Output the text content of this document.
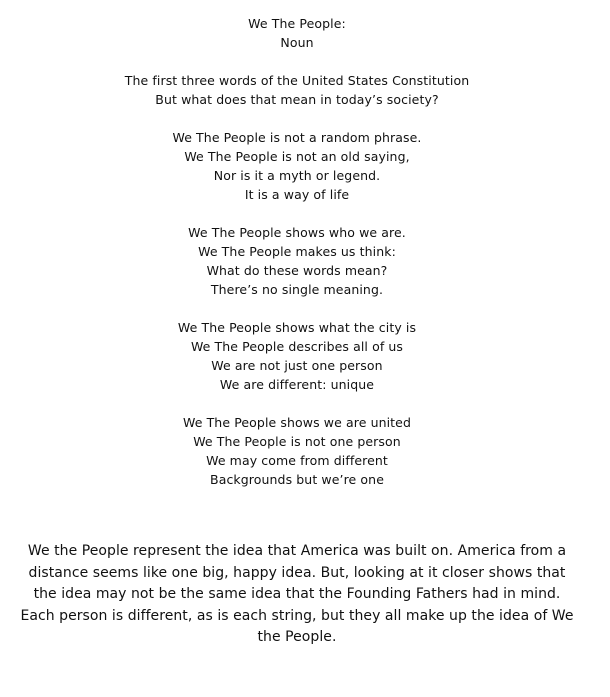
We The People:
Noun
The first three words of the United States Constitution
But what does that mean in today’s society?
We The People is not a random phrase.
We The People is not an old saying,
Nor is it a myth or legend.
It is a way of life
We The People shows who we are.
We The People makes us think:
What do these words mean?
There’s no single meaning.
We The People shows what the city is
We The People describes all of us
We are not just one person
We are different: unique
We The People shows we are united
We The People is not one person
We may come from different
Backgrounds but we’re one

We the People represent the idea that America was built on. America from a distance seems like one big, happy idea. But, looking at it closer shows that the idea may not be the same idea that the Founding Fathers had in mind. Each person is different, as is each string, but they all make up the idea of We the People.
